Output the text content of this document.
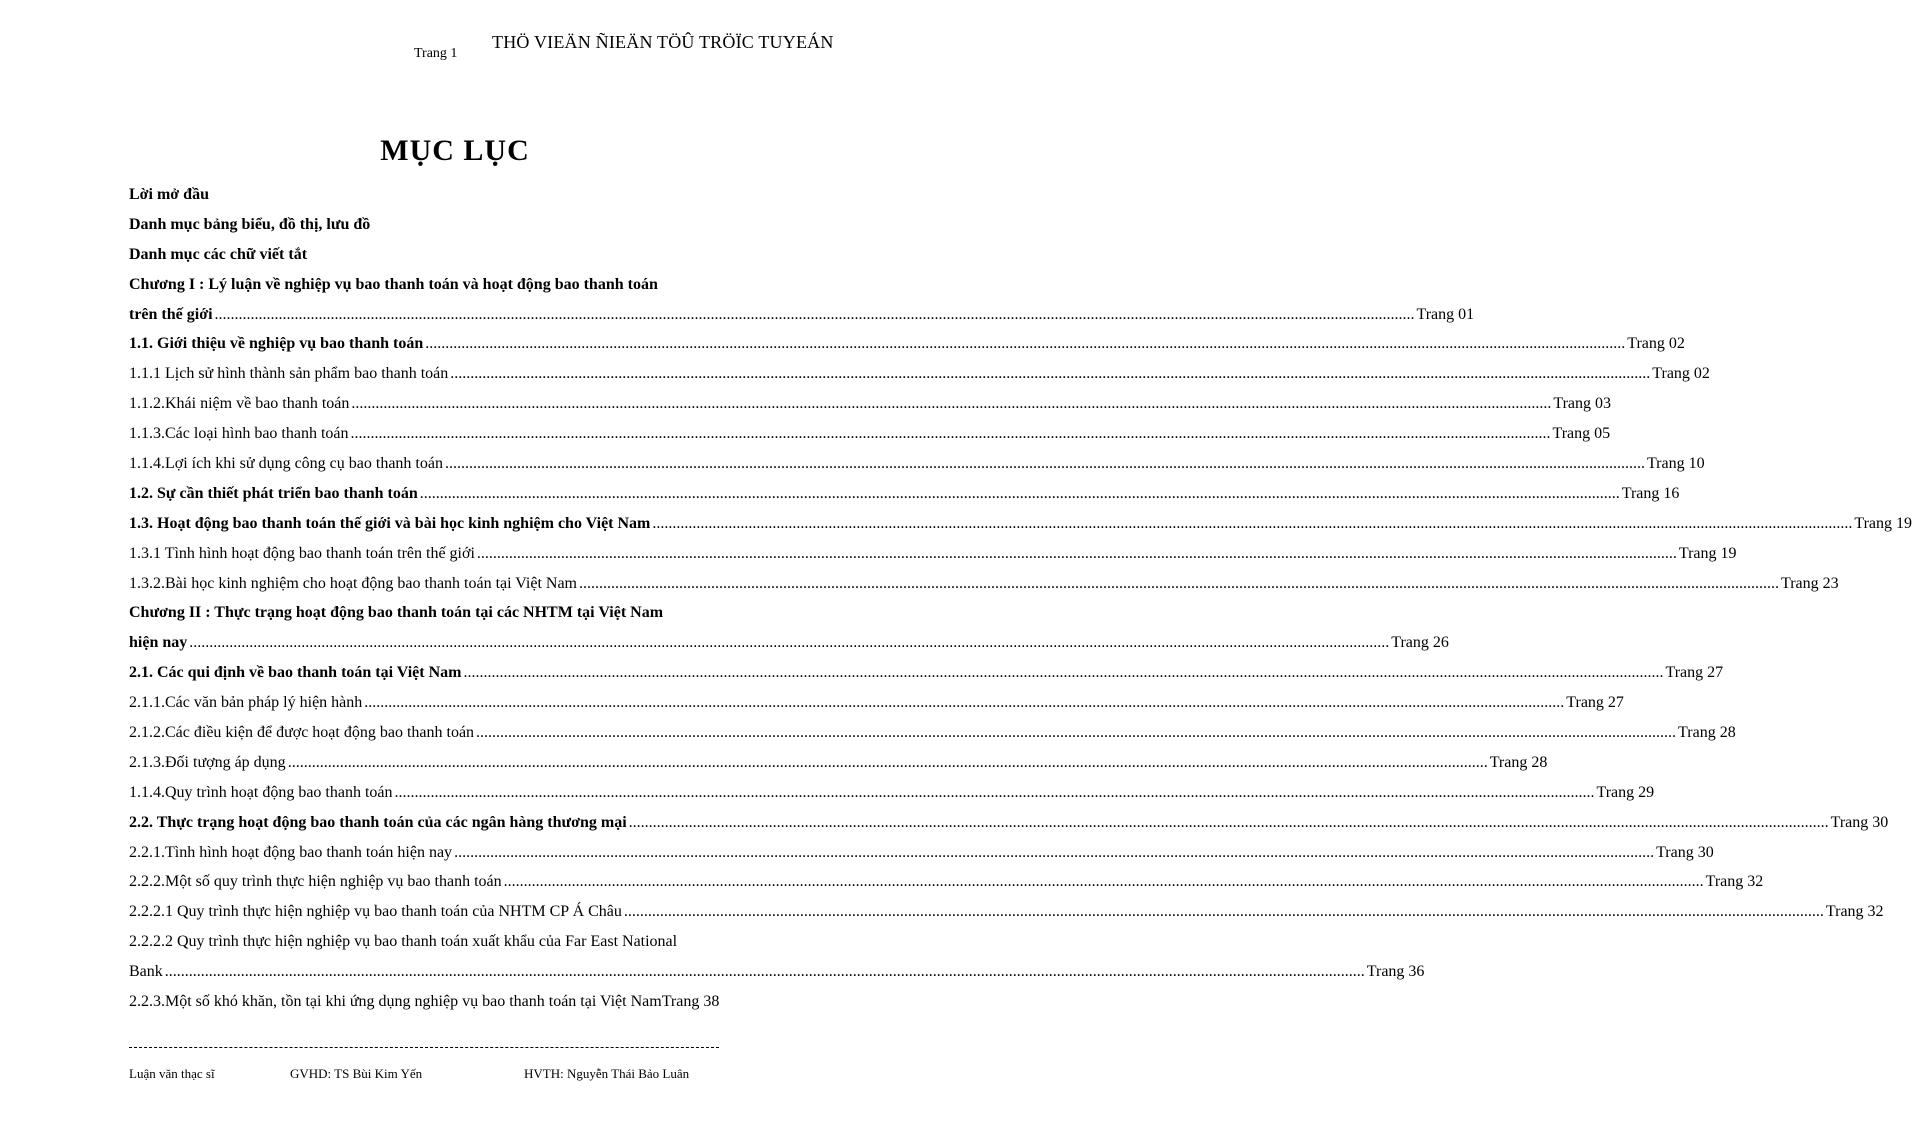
Trang 1
THÖ VIEÄN ÑIEÄN TÖÛ TRÖÏC TUYEÁN
MỤC LỤC
Lời mở đầu
Danh mục bảng biểu, đồ thị, lưu đồ
Danh mục các chữ viết tắt
Chương I : Lý luận về nghiệp vụ bao thanh toán và hoạt động bao thanh toán
trên thế giới ............................................................................................................................................................................................................................................................................................................ Trang 01
1.1. Giới thiệu về nghiệp vụ bao thanh toán ............................................................................................................................................................................................................................................................................................................ Trang 02
1.1.1 Lịch sử hình thành sản phẩm bao thanh toán ............................................................................................................................................................................................................................................................................................................ Trang 02
1.1.2.Khái niệm về bao thanh toán ............................................................................................................................................................................................................................................................................................................ Trang 03
1.1.3.Các loại hình bao thanh toán ............................................................................................................................................................................................................................................................................................................ Trang 05
1.1.4.Lợi ích khi sử dụng công cụ bao thanh toán ............................................................................................................................................................................................................................................................................................................ Trang 10
1.2. Sự cần thiết phát triển bao thanh toán ............................................................................................................................................................................................................................................................................................................ Trang 16
1.3. Hoạt động bao thanh toán thế giới và bài học kinh nghiệm cho Việt Nam ............................................................................................................................................................................................................................................................................................................ Trang 19
1.3.1 Tình hình hoạt động bao thanh toán trên thế giới ............................................................................................................................................................................................................................................................................................................ Trang 19
1.3.2.Bài học kinh nghiệm cho hoạt động bao thanh toán tại Việt Nam ............................................................................................................................................................................................................................................................................................................ Trang 23
Chương II : Thực trạng hoạt động bao thanh toán tại các NHTM tại Việt Nam
hiện nay ............................................................................................................................................................................................................................................................................................................ Trang 26
2.1. Các qui định về bao thanh toán tại Việt Nam ............................................................................................................................................................................................................................................................................................................ Trang 27
2.1.1.Các văn bản pháp lý hiện hành ............................................................................................................................................................................................................................................................................................................ Trang 27
2.1.2.Các điều kiện để được hoạt động bao thanh toán ............................................................................................................................................................................................................................................................................................................ Trang 28
2.1.3.Đối tượng áp dụng ............................................................................................................................................................................................................................................................................................................ Trang 28
1.1.4.Quy trình hoạt động bao thanh toán ............................................................................................................................................................................................................................................................................................................ Trang 29
2.2. Thực trạng hoạt động bao thanh toán của các ngân hàng thương mại ............................................................................................................................................................................................................................................................................................................ Trang 30
2.2.1.Tình hình hoạt động bao thanh toán hiện nay ............................................................................................................................................................................................................................................................................................................ Trang 30
2.2.2.Một số quy trình thực hiện nghiệp vụ bao thanh toán ............................................................................................................................................................................................................................................................................................................ Trang 32
2.2.2.1 Quy trình thực hiện nghiệp vụ bao thanh toán của NHTM CP Á Châu ............................................................................................................................................................................................................................................................................................................ Trang 32
2.2.2.2 Quy trình thực hiện nghiệp vụ bao thanh toán xuất khẩu của Far East National
Bank ............................................................................................................................................................................................................................................................................................................ Trang 36
2.2.3.Một số khó khăn, tồn tại khi ứng dụng nghiệp vụ bao thanh toán tại Việt Nam Trang 38
Luận văn thạc sĩ	GVHD: TS Bùi Kim Yến	HVTH: Nguyễn Thái Bảo Luân
